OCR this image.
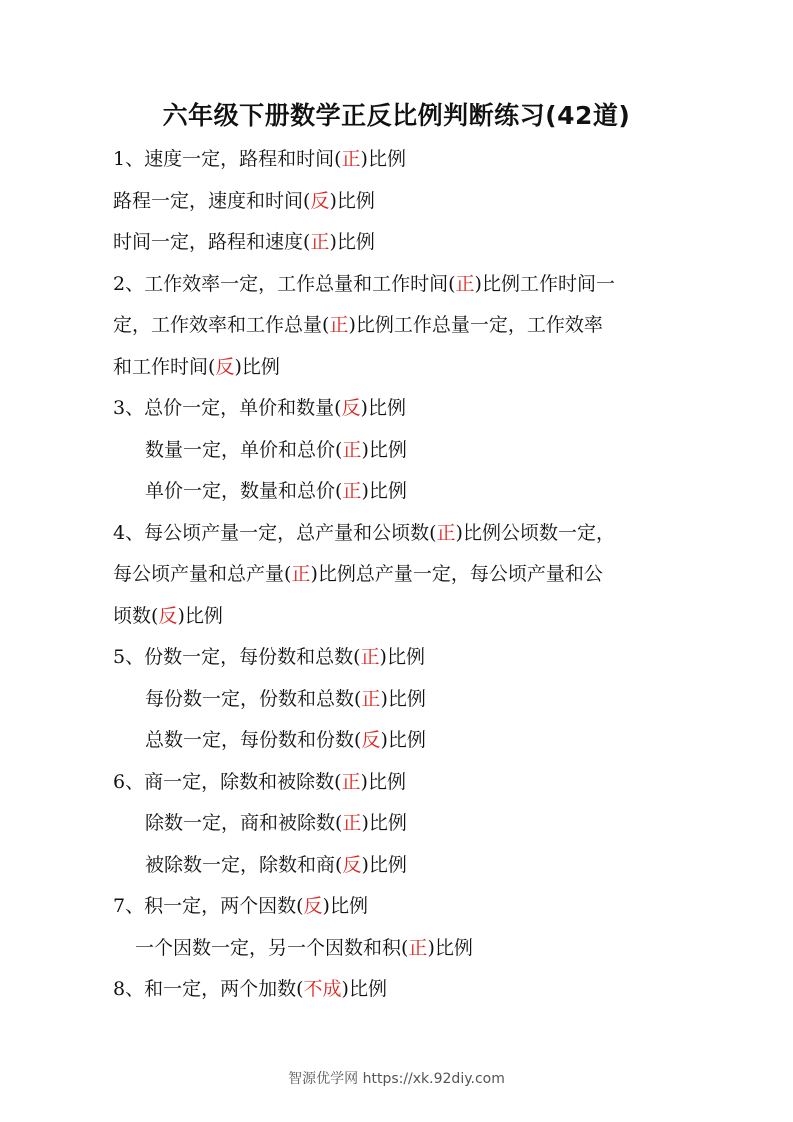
六年级下册数学正反比例判断练习(42道)
1、速度一定，路程和时间(正)比例
路程一定，速度和时间(反)比例
时间一定，路程和速度(正)比例
2、工作效率一定，工作总量和工作时间(正)比例工作时间一
定，工作效率和工作总量(正)比例工作总量一定，工作效率
和工作时间(反)比例
3、总价一定，单价和数量(反)比例
数量一定，单价和总价(正)比例
单价一定，数量和总价(正)比例
4、每公顷产量一定，总产量和公顷数(正)比例公顷数一定，
每公顷产量和总产量(正)比例总产量一定，每公顷产量和公
顷数(反)比例
5、份数一定，每份数和总数(正)比例
每份数一定，份数和总数(正)比例
总数一定，每份数和份数(反)比例
6、商一定，除数和被除数(正)比例
除数一定，商和被除数(正)比例
被除数一定，除数和商(反)比例
7、积一定，两个因数(反)比例
一个因数一定，另一个因数和积(正)比例
8、和一定，两个加数(不成)比例
智源优学网 https://xk.92diy.com
